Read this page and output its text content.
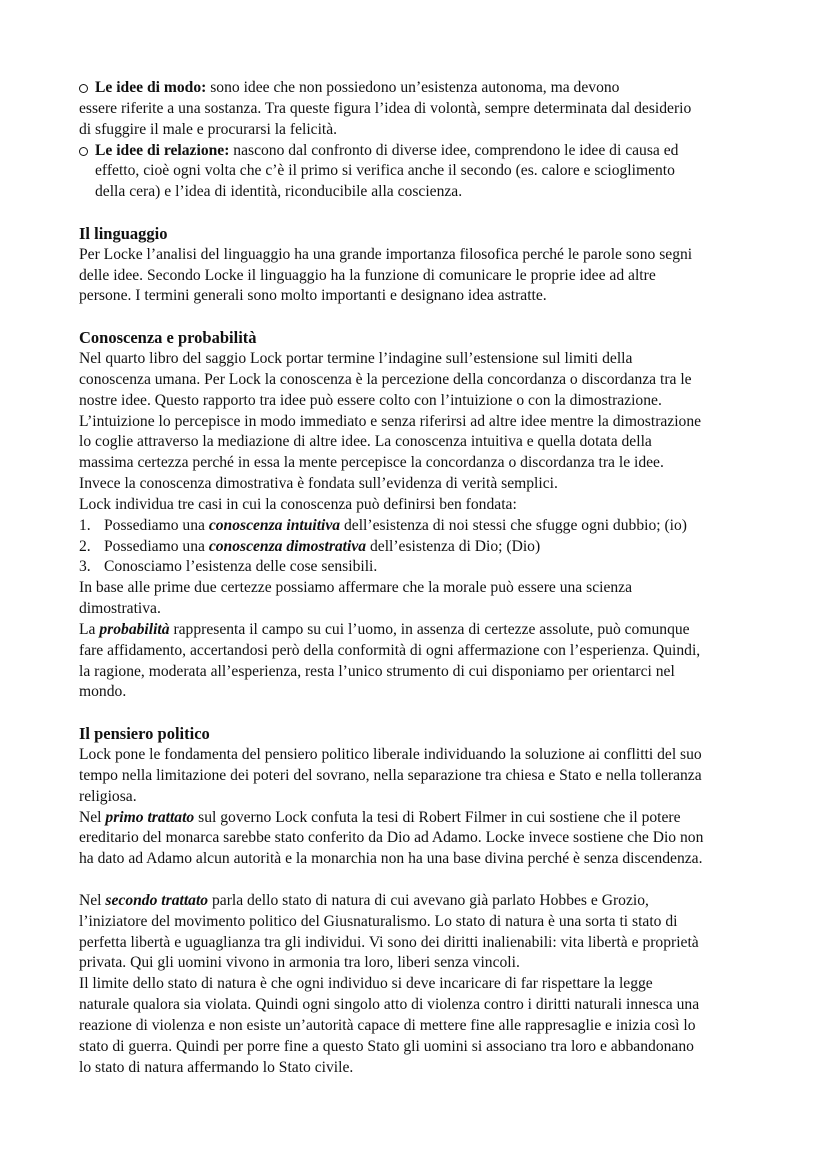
Le idee di modo: sono idee che non possiedono un’esistenza autonoma, ma devono
essere riferite a una sostanza. Tra queste figura l’idea di volontà, sempre determinata dal desiderio
di sfuggire il male e procurarsi la felicità.
Le idee di relazione: nascono dal confronto di diverse idee, comprendono le idee di causa ed
effetto, cioè ogni volta che c’è il primo si verifica anche il secondo (es. calore e scioglimento
della cera) e l’idea di identità, riconducibile alla coscienza.
Il linguaggio
Per Locke l’analisi del linguaggio ha una grande importanza filosofica perché le parole sono segni
delle idee. Secondo Locke il linguaggio ha la funzione di comunicare le proprie idee ad altre
persone. I termini generali sono molto importanti e designano idea astratte.
Conoscenza e probabilità
Nel quarto libro del saggio Lock portar termine l’indagine sull’estensione sul limiti della
conoscenza umana. Per Lock la conoscenza è la percezione della concordanza o discordanza tra le
nostre idee. Questo rapporto tra idee può essere colto con l’intuizione o con la dimostrazione.
L’intuizione lo percepisce in modo immediato e senza riferirsi ad altre idee mentre la dimostrazione
lo coglie attraverso la mediazione di altre idee. La conoscenza intuitiva e quella dotata della
massima certezza perché in essa la mente percepisce la concordanza o discordanza tra le idee.
Invece la conoscenza dimostrativa è fondata sull’evidenza di verità semplici.
Lock individua tre casi in cui la conoscenza può definirsi ben fondata:
1. Possediamo una conoscenza intuitiva dell’esistenza di noi stessi che sfugge ogni dubbio; (io)
2. Possediamo una conoscenza dimostrativa dell’esistenza di Dio; (Dio)
3. Conosciamo l’esistenza delle cose sensibili.
In base alle prime due certezze possiamo affermare che la morale può essere una scienza
dimostrativa.
La probabilità rappresenta il campo su cui l’uomo, in assenza di certezze assolute, può comunque
fare affidamento, accertandosi però della conformità di ogni affermazione con l’esperienza. Quindi,
la ragione, moderata all’esperienza, resta l’unico strumento di cui disponiamo per orientarci nel
mondo.
Il pensiero politico
Lock pone le fondamenta del pensiero politico liberale individuando la soluzione ai conflitti del suo
tempo nella limitazione dei poteri del sovrano, nella separazione tra chiesa e Stato e nella tolleranza
religiosa.
Nel primo trattato sul governo Lock confuta la tesi di Robert Filmer in cui sostiene che il potere
ereditario del monarca sarebbe stato conferito da Dio ad Adamo. Locke invece sostiene che Dio non
ha dato ad Adamo alcun autorità e la monarchia non ha una base divina perché è senza discendenza.
Nel secondo trattato parla dello stato di natura di cui avevano già parlato Hobbes e Grozio,
l’iniziatore del movimento politico del Giusnaturalismo. Lo stato di natura è una sorta ti stato di
perfetta libertà e uguaglianza tra gli individui. Vi sono dei diritti inalienabili: vita libertà e proprietà
privata. Qui gli uomini vivono in armonia tra loro, liberi senza vincoli.
Il limite dello stato di natura è che ogni individuo si deve incaricare di far rispettare la legge
naturale qualora sia violata. Quindi ogni singolo atto di violenza contro i diritti naturali innesca una
reazione di violenza e non esiste un’autorità capace di mettere fine alle rappresaglie e inizia così lo
stato di guerra. Quindi per porre fine a questo Stato gli uomini si associano tra loro e abbandonano
lo stato di natura affermando lo Stato civile.
